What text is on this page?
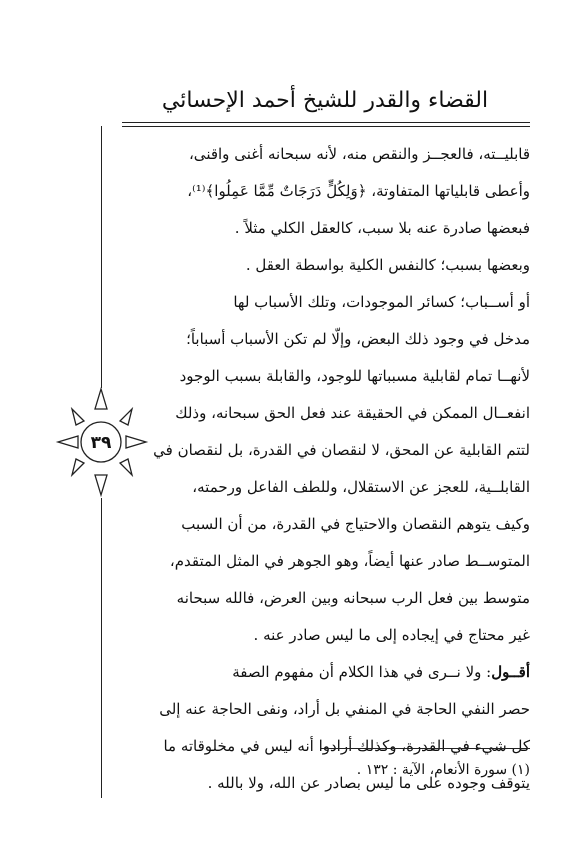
القضاء والقدر للشيخ أحمد الإحسائي
٣٩

قابليــته، فالعجــز والنقص منه، لأنه سبحانه أغنى واقنى،

وأعطى قابلياتها المتفاوتة، ﴿وَلِكُلٍّ دَرَجَاتٌ مِّمَّا عَمِلُوا﴾⁽¹⁾،

فبعضها صادرة عنه بلا سبب، كالعقل الكلي مثلاً .

وبعضها بسبب؛ كالنفس الكلية بواسطة العقل .

أو أســباب؛ كسائر الموجودات، وتلك الأسباب لها

مدخل في وجود ذلك البعض، وإلّا لم تكن الأسباب أسباباً؛

لأنهــا تمام لقابلية مسبباتها للوجود، والقابلة بسبب الوجود

انفعــال الممكن في الحقيقة عند فعل الحق سبحانه، وذلك

لتتم القابلية عن المحق، لا لنقصان في القدرة، بل لنقصان في

القابلــية، للعجز عن الاستقلال، وللطف الفاعل ورحمته،

وكيف يتوهم النقصان والاحتياج في القدرة، من أن السبب

المتوســط صادر عنها أيضاً، وهو الجوهر في المثل المتقدم،

متوسط بين فعل الرب سبحانه وبين العرض، فالله سبحانه

غير محتاج في إيجاده إلى ما ليس صادر عنه .

أقــول: ولا نــرى في هذا الكلام أن مفهوم الصفة

حصر النفي الحاجة في المنفي بل أراد، ونفى الحاجة عنه إلى

كل شيء في القدرة، وكذلك أرادوا أنه ليس في مخلوقاته ما

يتوقف وجوده على ما ليس بصادر عن الله، ولا بالله .

(١) سورة الأنعام، الآية : ١٣٢ .
